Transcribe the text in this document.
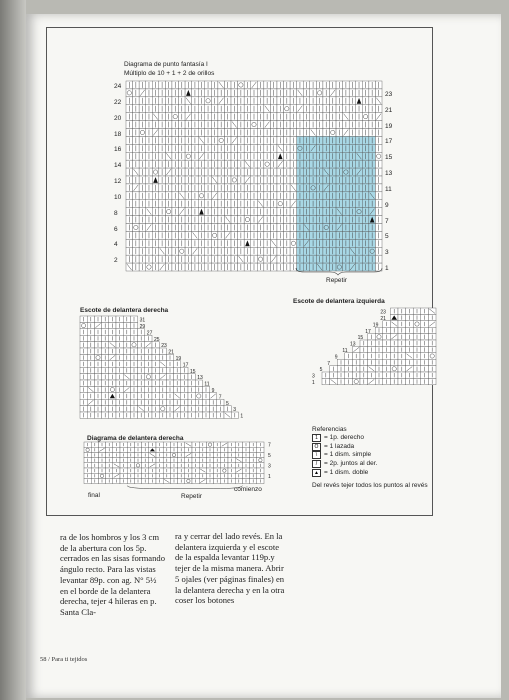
Diagrama de punto fantasía I
Múltiplo de 10 + 1 + 2 de orillos
24
22
20
18
16
14
12
10
8
6
4
2
23
21
19
17
15
13
11
9
7
5
3
1
Repetir
Escote de delantera derecha
31
29
27
25
23
21
19
17
15
13
11
9
7
5
3
1
Escote de delantera izquierda
23
21
19
17
15
13
11
9
7
5
3
1
Diagrama de delantera derecha
7
5
3
1
final	Repetir
comienzo
Referencias
1 = 1p. derecho
O = 1 lazada
\	= 1 dism. simple
/	= 2p. juntos al der.
▲ = 1 dism. doble
Del revés tejer todos los puntos al revés

ra de los hombros y los 3 cm de la abertura con los 5p. cerrados en las sisas formando ángulo recto. Para las vistas levantar 89p. con ag. N° 5½ en el borde de la delantera derecha, tejer 4 hileras en p. Santa Cla-

ra y cerrar del lado revés. En la delantera izquierda y el escote de la espalda levantar 119p.y tejer de la misma manera. Abrir 5 ojales (ver páginas finales) en la delantera derecha y en la otra coser los botones

58 / Para ti tejidos
